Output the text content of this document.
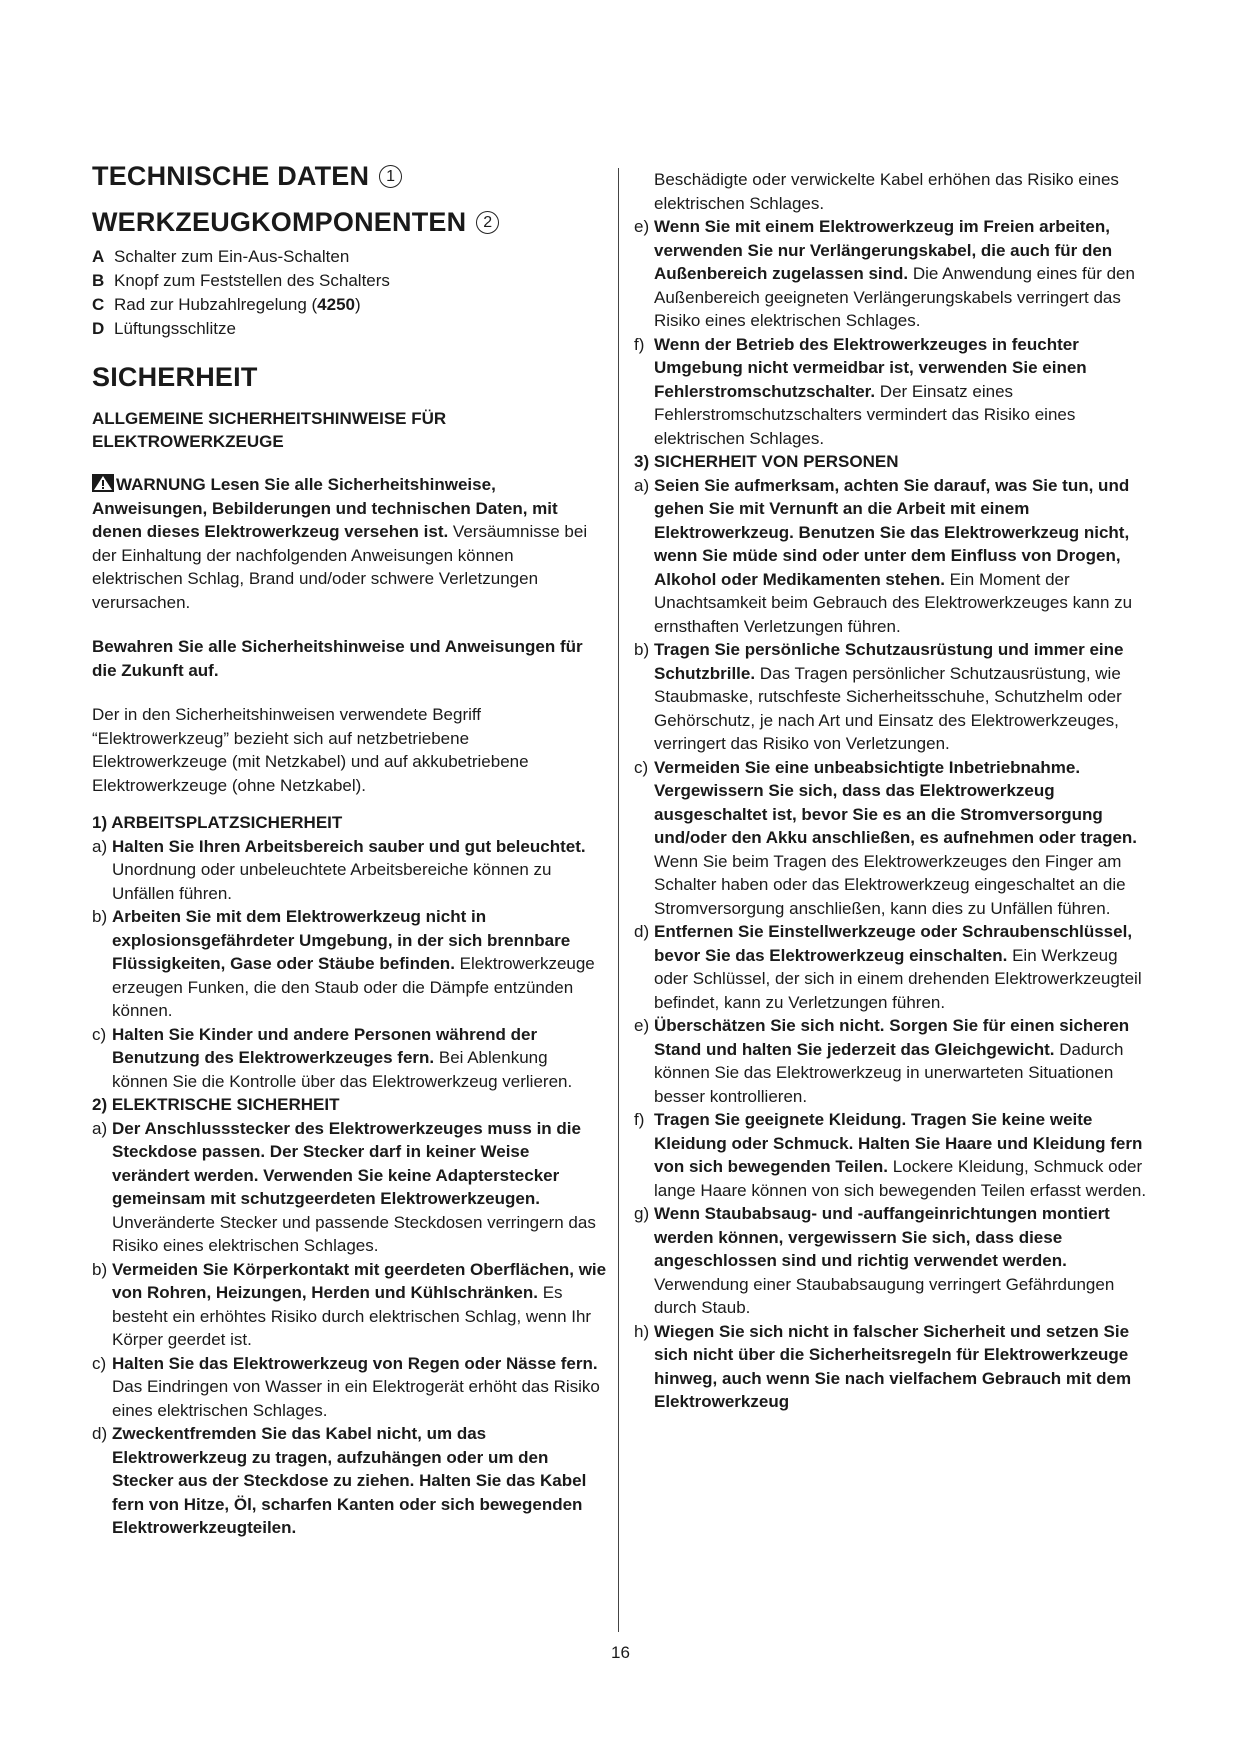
TECHNISCHE DATEN	1
WERKZEUGKOMPONENTEN	2
A Schalter zum Ein-Aus-Schalten
B Knopf zum Feststellen des Schalters
C Rad zur Hubzahlregelung (4250)
D Lüftungsschlitze
SICHERHEIT
ALLGEMEINE SICHERHEITSHINWEISE FÜR ELEKTROWERKZEUGE

WARNUNG Lesen Sie alle Sicherheitshinweise, Anweisungen, Bebilderungen und technischen Daten, mit denen dieses Elektrowerkzeug versehen ist. Versäumnisse bei der Einhaltung der nachfolgenden Anweisungen können elektrischen Schlag, Brand und/oder schwere Verletzungen verursachen.

Bewahren Sie alle Sicherheitshinweise und Anweisungen für die Zukunft auf.

Der in den Sicherheitshinweisen verwendete Begriff “Elektrowerkzeug” bezieht sich auf netzbetriebene Elektrowerkzeuge (mit Netzkabel) und auf akkubetriebene Elektrowerkzeuge (ohne Netzkabel).

1) ARBEITSPLATZSICHERHEIT
a) Halten Sie Ihren Arbeitsbereich sauber und gut beleuchtet. Unordnung oder unbeleuchtete Arbeitsbereiche können zu Unfällen führen.
b) Arbeiten Sie mit dem Elektrowerkzeug nicht in explosionsgefährdeter Umgebung, in der sich brennbare Flüssigkeiten, Gase oder Stäube befinden. Elektrowerkzeuge erzeugen Funken, die den Staub oder die Dämpfe entzünden können.
c) Halten Sie Kinder und andere Personen während der Benutzung des Elektrowerkzeuges fern. Bei Ablenkung können Sie die Kontrolle über das Elektrowerkzeug verlieren.
2) ELEKTRISCHE SICHERHEIT
a) Der Anschlussstecker des Elektrowerkzeuges muss in die Steckdose passen. Der Stecker darf in keiner Weise verändert werden. Verwenden Sie keine Adapterstecker gemeinsam mit schutzgeerdeten Elektrowerkzeugen. Unveränderte Stecker und passende Steckdosen verringern das Risiko eines elektrischen Schlages.
b) Vermeiden Sie Körperkontakt mit geerdeten Oberflächen, wie von Rohren, Heizungen, Herden und Kühlschränken. Es besteht ein erhöhtes Risiko durch elektrischen Schlag, wenn Ihr Körper geerdet ist.
c) Halten Sie das Elektrowerkzeug von Regen oder Nässe fern. Das Eindringen von Wasser in ein Elektrogerät erhöht das Risiko eines elektrischen Schlages.
d) Zweckentfremden Sie das Kabel nicht, um das Elektrowerkzeug zu tragen, aufzuhängen oder um den Stecker aus der Steckdose zu ziehen. Halten Sie das Kabel fern von Hitze, Öl, scharfen Kanten oder sich bewegenden Elektrowerkzeugteilen.
Beschädigte oder verwickelte Kabel erhöhen das Risiko eines elektrischen Schlages.
e) Wenn Sie mit einem Elektrowerkzeug im Freien arbeiten, verwenden Sie nur Verlängerungskabel, die auch für den Außenbereich zugelassen sind. Die Anwendung eines für den Außenbereich geeigneten Verlängerungskabels verringert das Risiko eines elektrischen Schlages.
f) Wenn der Betrieb des Elektrowerkzeuges in feuchter Umgebung nicht vermeidbar ist, verwenden Sie einen Fehlerstromschutzschalter. Der Einsatz eines Fehlerstromschutzschalters vermindert das Risiko eines elektrischen Schlages.
3) SICHERHEIT VON PERSONEN
a) Seien Sie aufmerksam, achten Sie darauf, was Sie tun, und gehen Sie mit Vernunft an die Arbeit mit einem Elektrowerkzeug. Benutzen Sie das Elektrowerkzeug nicht, wenn Sie müde sind oder unter dem Einfluss von Drogen, Alkohol oder Medikamenten stehen. Ein Moment der Unachtsamkeit beim Gebrauch des Elektrowerkzeuges kann zu ernsthaften Verletzungen führen.
b) Tragen Sie persönliche Schutzausrüstung und immer eine Schutzbrille. Das Tragen persönlicher Schutzausrüstung, wie Staubmaske, rutschfeste Sicherheitsschuhe, Schutzhelm oder Gehörschutz, je nach Art und Einsatz des Elektrowerkzeuges, verringert das Risiko von Verletzungen.
c) Vermeiden Sie eine unbeabsichtigte Inbetriebnahme. Vergewissern Sie sich, dass das Elektrowerkzeug ausgeschaltet ist, bevor Sie es an die Stromversorgung und/oder den Akku anschließen, es aufnehmen oder tragen. Wenn Sie beim Tragen des Elektrowerkzeuges den Finger am Schalter haben oder das Elektrowerkzeug eingeschaltet an die Stromversorgung anschließen, kann dies zu Unfällen führen.
d) Entfernen Sie Einstellwerkzeuge oder Schraubenschlüssel, bevor Sie das Elektrowerkzeug einschalten. Ein Werkzeug oder Schlüssel, der sich in einem drehenden Elektrowerkzeugteil befindet, kann zu Verletzungen führen.
e) Überschätzen Sie sich nicht. Sorgen Sie für einen sicheren Stand und halten Sie jederzeit das Gleichgewicht. Dadurch können Sie das Elektrowerkzeug in unerwarteten Situationen besser kontrollieren.
f) Tragen Sie geeignete Kleidung. Tragen Sie keine weite Kleidung oder Schmuck. Halten Sie Haare und Kleidung fern von sich bewegenden Teilen. Lockere Kleidung, Schmuck oder lange Haare können von sich bewegenden Teilen erfasst werden.
g) Wenn Staubabsaug- und -auffangeinrichtungen montiert werden können, vergewissern Sie sich, dass diese angeschlossen sind und richtig verwendet werden. Verwendung einer Staubabsaugung verringert Gefährdungen durch Staub.
h) Wiegen Sie sich nicht in falscher Sicherheit und setzen Sie sich nicht über die Sicherheitsregeln für Elektrowerkzeuge hinweg, auch wenn Sie nach vielfachem Gebrauch mit dem Elektrowerkzeug
16
